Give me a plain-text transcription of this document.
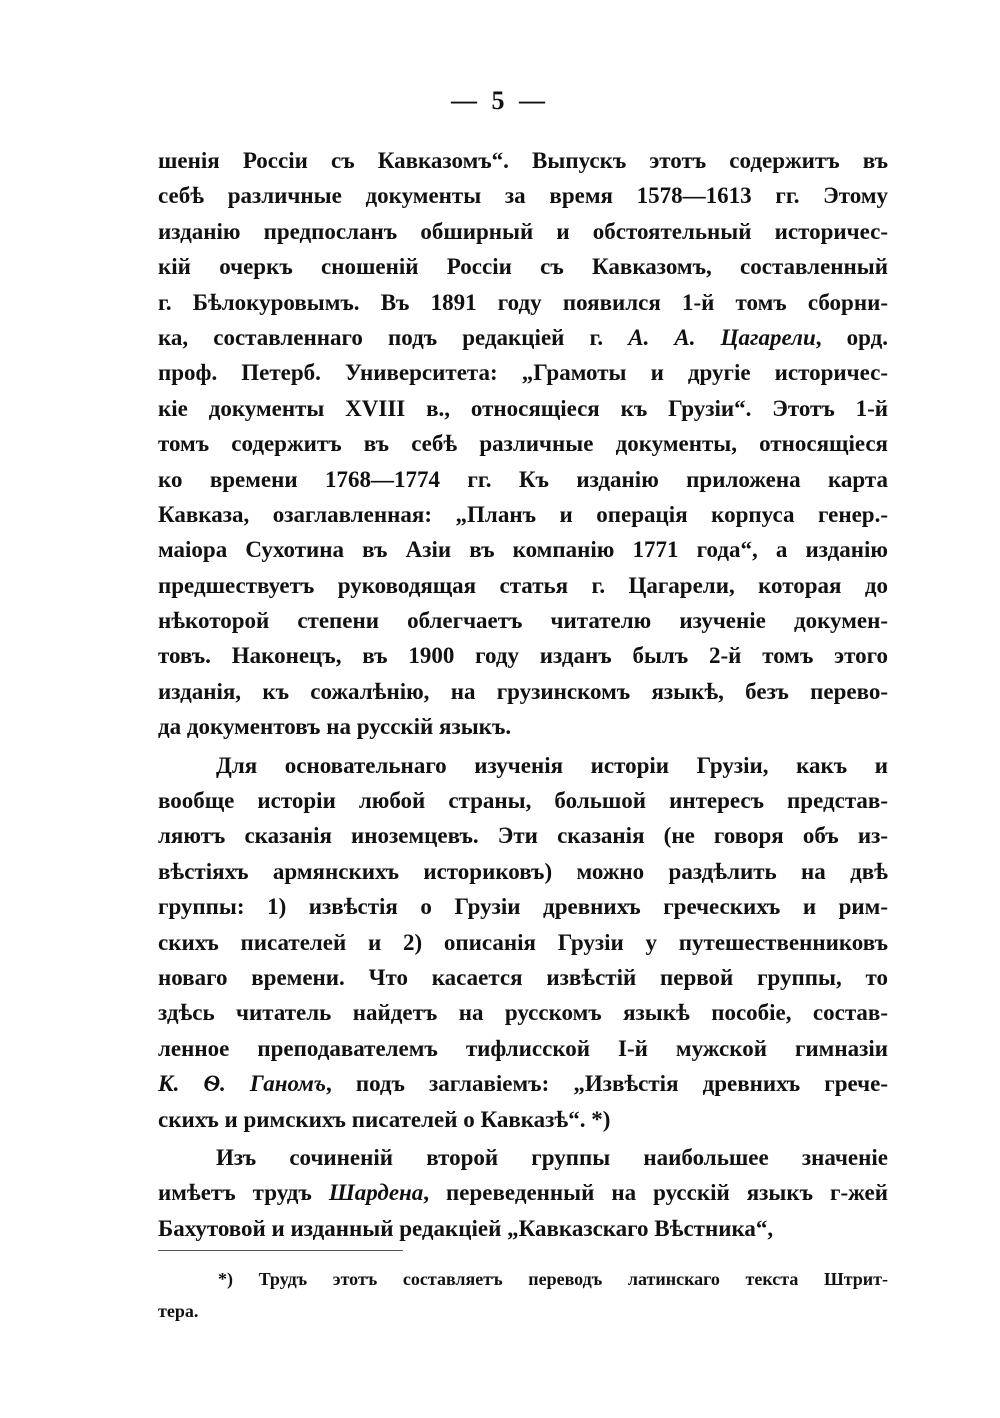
— 5 —
шенія Россіи съ Кавказомъ“. Выпускъ этотъ содержитъ въ
себѣ различные документы за время 1578—1613 гг. Этому
изданію предпосланъ обширный и обстоятельный историчес-
кій очеркъ сношеній Россіи съ Кавказомъ, составленный
г. Бѣлокуровымъ. Въ 1891 году появился 1-й томъ сборни-
ка, составленнаго подъ редакціей г. А. А. Цагарели, орд.
проф. Петерб. Университета: „Грамоты и другіе историчес-
кіе документы XVIII в., относящіеся къ Грузіи“. Этотъ 1-й
томъ содержитъ въ себѣ различные документы, относящіеся
ко времени 1768—1774 гг. Къ изданію приложена карта
Кавказа, озаглавленная: „Планъ и операція корпуса генер.-
маіора Сухотина въ Азіи въ компанію 1771 года“, а изданію
предшествуетъ руководящая статья г. Цагарели, которая до
нѣкоторой степени облегчаетъ читателю изученіе докумен-
товъ. Наконецъ, въ 1900 году изданъ былъ 2-й томъ этого
изданія, къ сожалѣнію, на грузинскомъ языкѣ, безъ перево-
да документовъ на русскій языкъ.
Для основательнаго изученія исторіи Грузіи, какъ и
вообще исторіи любой страны, большой интересъ представ-
ляютъ сказанія иноземцевъ. Эти сказанія (не говоря объ из-
вѣстіяхъ армянскихъ историковъ) можно раздѣлить на двѣ
группы: 1) извѣстія о Грузіи древнихъ греческихъ и рим-
скихъ писателей и 2) описанія Грузіи у путешественниковъ
новаго времени. Что касается извѣстій первой группы, то
здѣсь читатель найдетъ на русскомъ языкѣ пособіе, состав-
ленное преподавателемъ тифлисской I-й мужской гимназіи
К. Ѳ. Ганомъ, подъ заглавіемъ: „Извѣстія древнихъ грече-
скихъ и римскихъ писателей о Кавказѣ“. *)
Изъ сочиненій второй группы наибольшее значеніе
имѣетъ трудъ Шардена, переведенный на русскій языкъ г-жей
Бахутовой и изданный редакціей „Кавказскаго Вѣстника“,
*) Трудъ этотъ составляетъ переводъ латинскаго текста Штрит-
тера.
